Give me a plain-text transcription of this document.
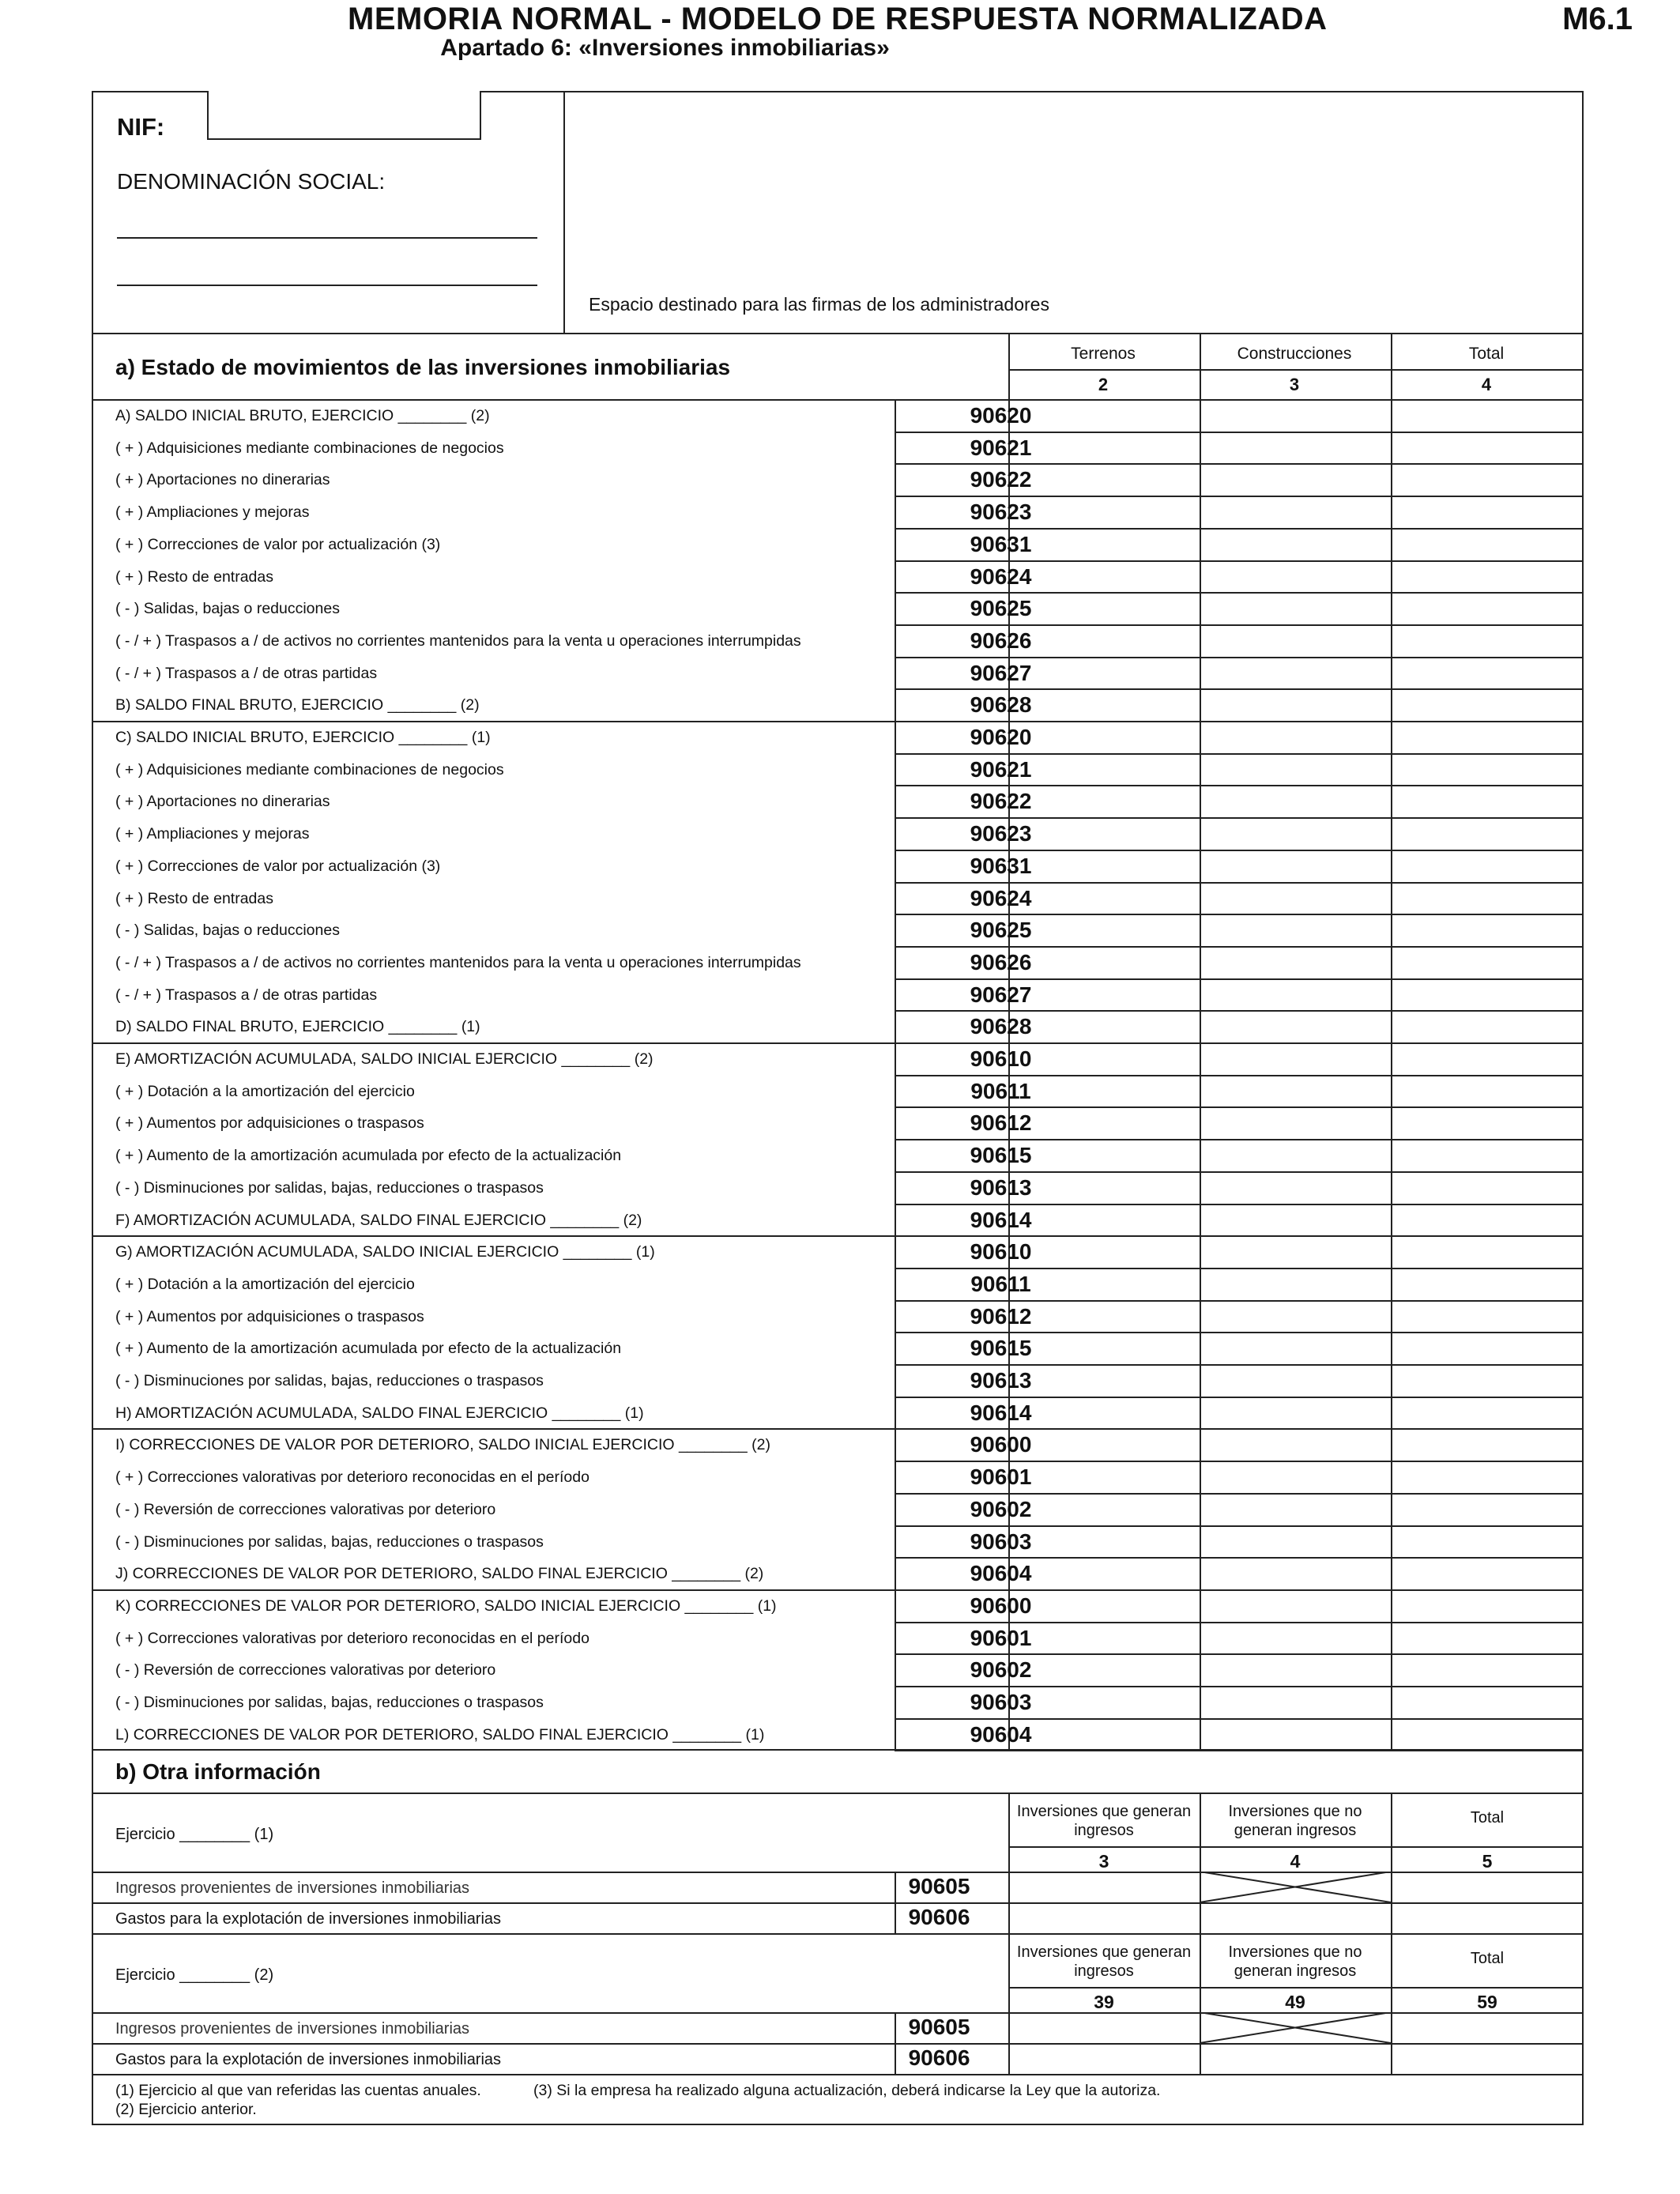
MEMORIA NORMAL - MODELO DE RESPUESTA NORMALIZADA	M6.1
Apartado 6: «Inversiones inmobiliarias»
NIF:
DENOMINACIÓN SOCIAL:
Espacio destinado para las firmas de los administradores
a) Estado de movimientos de las inversiones inmobiliarias
Terrenos	Construcciones	Total
2	3	4
A) SALDO INICIAL BRUTO, EJERCICIO ________ (2)	90620
( + ) Adquisiciones mediante combinaciones de negocios	90621
( + ) Aportaciones no dinerarias	90622
( + ) Ampliaciones y mejoras	90623
( + ) Correcciones de valor por actualización (3)	90631
( + ) Resto de entradas	90624
( - ) Salidas, bajas o reducciones	90625
( - / + ) Traspasos a / de activos no corrientes mantenidos para la venta u operaciones interrumpidas	90626
( - / + ) Traspasos a / de otras partidas	90627
B) SALDO FINAL BRUTO, EJERCICIO ________ (2)	90628
C) SALDO INICIAL BRUTO, EJERCICIO ________ (1)	90620
( + ) Adquisiciones mediante combinaciones de negocios	90621
( + ) Aportaciones no dinerarias	90622
( + ) Ampliaciones y mejoras	90623
( + ) Correcciones de valor por actualización (3)	90631
( + ) Resto de entradas	90624
( - ) Salidas, bajas o reducciones	90625
( - / + ) Traspasos a / de activos no corrientes mantenidos para la venta u operaciones interrumpidas	90626
( - / + ) Traspasos a / de otras partidas	90627
D) SALDO FINAL BRUTO, EJERCICIO ________ (1)	90628
E) AMORTIZACIÓN ACUMULADA, SALDO INICIAL EJERCICIO ________ (2)	90610
( + ) Dotación a la amortización del ejercicio	90611
( + ) Aumentos por adquisiciones o traspasos	90612
( + ) Aumento de la amortización acumulada por efecto de la actualización	90615
( - ) Disminuciones por salidas, bajas, reducciones o traspasos	90613
F) AMORTIZACIÓN ACUMULADA, SALDO FINAL EJERCICIO ________ (2)	90614
G) AMORTIZACIÓN ACUMULADA, SALDO INICIAL EJERCICIO ________ (1)	90610
( + ) Dotación a la amortización del ejercicio	90611
( + ) Aumentos por adquisiciones o traspasos	90612
( + ) Aumento de la amortización acumulada por efecto de la actualización	90615
( - ) Disminuciones por salidas, bajas, reducciones o traspasos	90613
H) AMORTIZACIÓN ACUMULADA, SALDO FINAL EJERCICIO ________ (1)	90614
I) CORRECCIONES DE VALOR POR DETERIORO, SALDO INICIAL EJERCICIO ________ (2)	90600
( + ) Correcciones valorativas por deterioro reconocidas en el período	90601
( - ) Reversión de correcciones valorativas por deterioro	90602
( - ) Disminuciones por salidas, bajas, reducciones o traspasos	90603
J) CORRECCIONES DE VALOR POR DETERIORO, SALDO FINAL EJERCICIO ________ (2)	90604
K) CORRECCIONES DE VALOR POR DETERIORO, SALDO INICIAL EJERCICIO ________ (1)	90600
( + ) Correcciones valorativas por deterioro reconocidas en el período	90601
( - ) Reversión de correcciones valorativas por deterioro	90602
( - ) Disminuciones por salidas, bajas, reducciones o traspasos	90603
L) CORRECCIONES DE VALOR POR DETERIORO, SALDO FINAL EJERCICIO ________ (1)	90604
b) Otra información
Ejercicio ________ (1)
Inversiones que generan ingresos
3
Inversiones que no generan ingresos
4
Total
5
Ingresos provenientes de inversiones inmobiliarias	90605
Gastos para la explotación de inversiones inmobiliarias	90606
Ejercicio ________ (2)
Inversiones que generan ingresos
39
Inversiones que no generan ingresos
49
Total
59
Ingresos provenientes de inversiones inmobiliarias	90605
Gastos para la explotación de inversiones inmobiliarias	90606
(1) Ejercicio al que van referidas las cuentas anuales.	(3) Si la empresa ha realizado alguna actualización, deberá indicarse la Ley que la autoriza.
(2) Ejercicio anterior.
